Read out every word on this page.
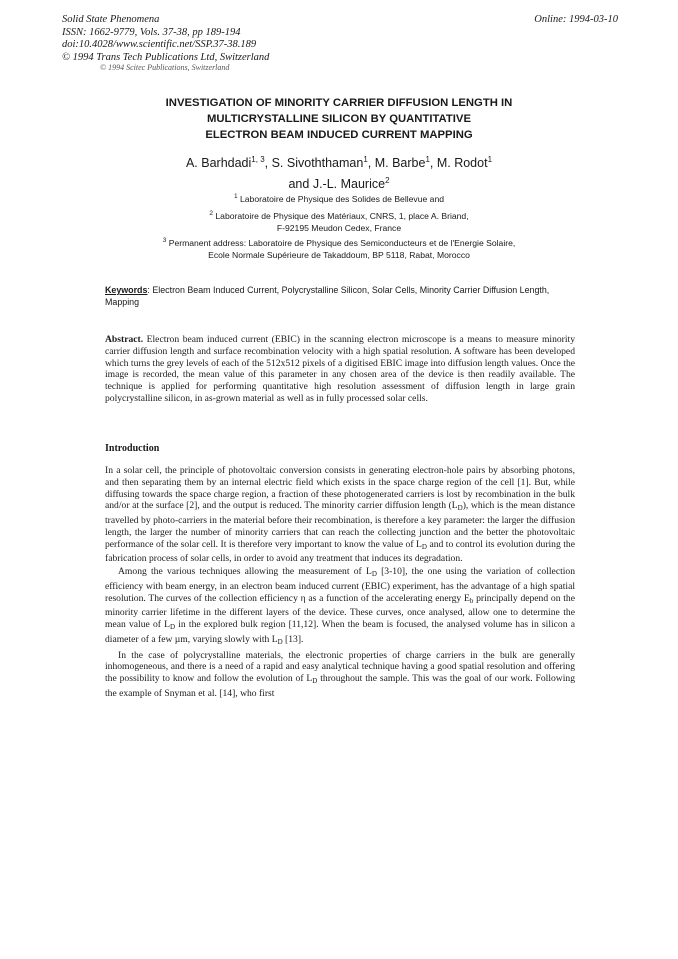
Solid State Phenomena
ISSN: 1662-9779, Vols. 37-38, pp 189-194
doi:10.4028/www.scientific.net/SSP.37-38.189
© 1994 Trans Tech Publications Ltd, Switzerland
Online: 1994-03-10
© 1994 Scitec Publications, Switzerland
INVESTIGATION OF MINORITY CARRIER DIFFUSION LENGTH IN
MULTICRYSTALLINE SILICON BY QUANTITATIVE
ELECTRON BEAM INDUCED CURRENT MAPPING
A. Barhdadi$^{1, 3}$, S. Sivoththaman$^1$, M. Barbe$^1$, M. Rodot$^1$
and J.-L. Maurice$^2$
$^1$ Laboratoire de Physique des Solides de Bellevue and
$^2$ Laboratoire de Physique des Matériaux, CNRS, 1, place A. Briand,
F-92195 Meudon Cedex, France
$^3$ Permanent address: Laboratoire de Physique des Semiconducteurs et de l'Energie Solaire,
Ecole Normale Supérieure de Takaddoum, BP 5118, Rabat, Morocco
Keywords: Electron Beam Induced Current, Polycrystalline Silicon, Solar Cells, Minority Carrier Diffusion Length, Mapping
Abstract. Electron beam induced current (EBIC) in the scanning electron microscope is a means to measure minority carrier diffusion length and surface recombination velocity with a high spatial resolution. A software has been developed which turns the grey levels of each of the 512x512 pixels of a digitised EBIC image into diffusion length values. Once the image is recorded, the mean value of this parameter in any chosen area of the device is then readily available. The technique is applied for performing quantitative high resolution assessment of diffusion length in large grain polycrystalline silicon, in as-grown material as well as in fully processed solar cells.
Introduction

In a solar cell, the principle of photovoltaic conversion consists in generating electron-hole pairs by absorbing photons, and then separating them by an internal electric field which exists in the space charge region of the cell [1]. But, while diffusing towards the space charge region, a fraction of these photogenerated carriers is lost by recombination in the bulk and/or at the surface [2], and the output is reduced. The minority carrier diffusion length $(L_D)$, which is the mean distance travelled by photo-carriers in the material before their recombination, is therefore a key parameter: the larger the diffusion length, the larger the number of minority carriers that can reach the collecting junction and the better the photovoltaic performance of the solar cell. It is therefore very important to know the value of $L_D$ and to control its evolution during the fabrication process of solar cells, in order to avoid any treatment that induces its degradation.

Among the various techniques allowing the measurement of $L_D$ [3-10], the one using the variation of collection efficiency with beam energy, in an electron beam induced current (EBIC) experiment, has the advantage of a high spatial resolution. The curves of the collection efficiency η as a function of the accelerating energy $E_b$ principally depend on the minority carrier lifetime in the different layers of the device. These curves, once analysed, allow one to determine the mean value of $L_D$ in the explored bulk region [11,12]. When the beam is focused, the analysed volume has in silicon a diameter of a few µm, varying slowly with $L_D$ [13].

In the case of polycrystalline materials, the electronic properties of charge carriers in the bulk are generally inhomogeneous, and there is a need of a rapid and easy analytical technique having a good spatial resolution and offering the possibility to know and follow the evolution of $L_D$ throughout the sample. This was the goal of our work. Following the example of Snyman et al. [14], who first
